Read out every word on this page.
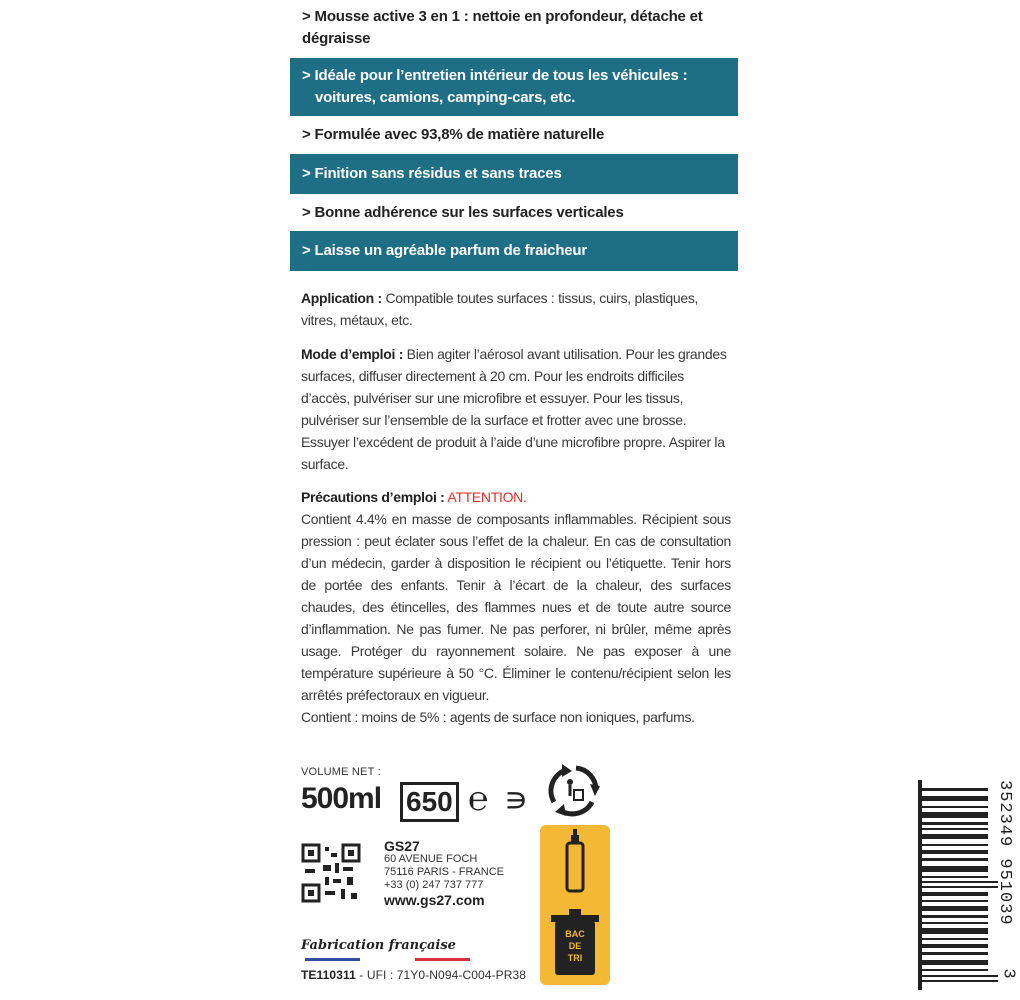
> Mousse active 3 en 1 : nettoie en profondeur, détache et
dégraisse
> Idéale pour l’entretien intérieur de tous les véhicules :
voitures, camions, camping-cars, etc.
> Formulée avec 93,8% de matière naturelle
> Finition sans résidus et sans traces
> Bonne adhérence sur les surfaces verticales
> Laisse un agréable parfum de fraicheur
Application : Compatible toutes surfaces : tissus, cuirs, plastiques, vitres, métaux, etc.
Mode d’emploi : Bien agiter l’aérosol avant utilisation. Pour les grandes surfaces, diffuser directement à 20 cm. Pour les endroits difficiles d’accès, pulvériser sur une microfibre et essuyer. Pour les tissus, pulvériser sur l’ensemble de la surface et frotter avec une brosse. Essuyer l’excédent de produit à l’aide d’une microfibre propre. Aspirer la surface.
Précautions d’emploi : ATTENTION.
Contient 4.4% en masse de composants inflammables. Récipient sous pression : peut éclater sous l’effet de la chaleur. En cas de consultation d’un médecin, garder à disposition le récipient ou l’étiquette. Tenir hors de portée des enfants. Tenir à l’écart de la chaleur, des surfaces chaudes, des étincelles, des flammes nues et de toute autre source d’inflammation. Ne pas fumer. Ne pas perforer, ni brûler, même après usage. Protéger du rayonnement solaire. Ne pas exposer à une température supérieure à 50 °C. Éliminer le contenu/récipient selon les arrêtés préfectoraux en vigueur.
Contient : moins de 5% : agents de surface non ioniques, parfums.
VOLUME NET :
500ml 650 ℮ ∍
BAC
DE
TRI
GS27
60 AVENUE FOCH
75116 PARIS - FRANCE
+33 (0) 247 737 777
www.gs27.com
Fabrication française
TE110311 - UFI : 71Y0-N094-C004-PR38
352349 951039
3
